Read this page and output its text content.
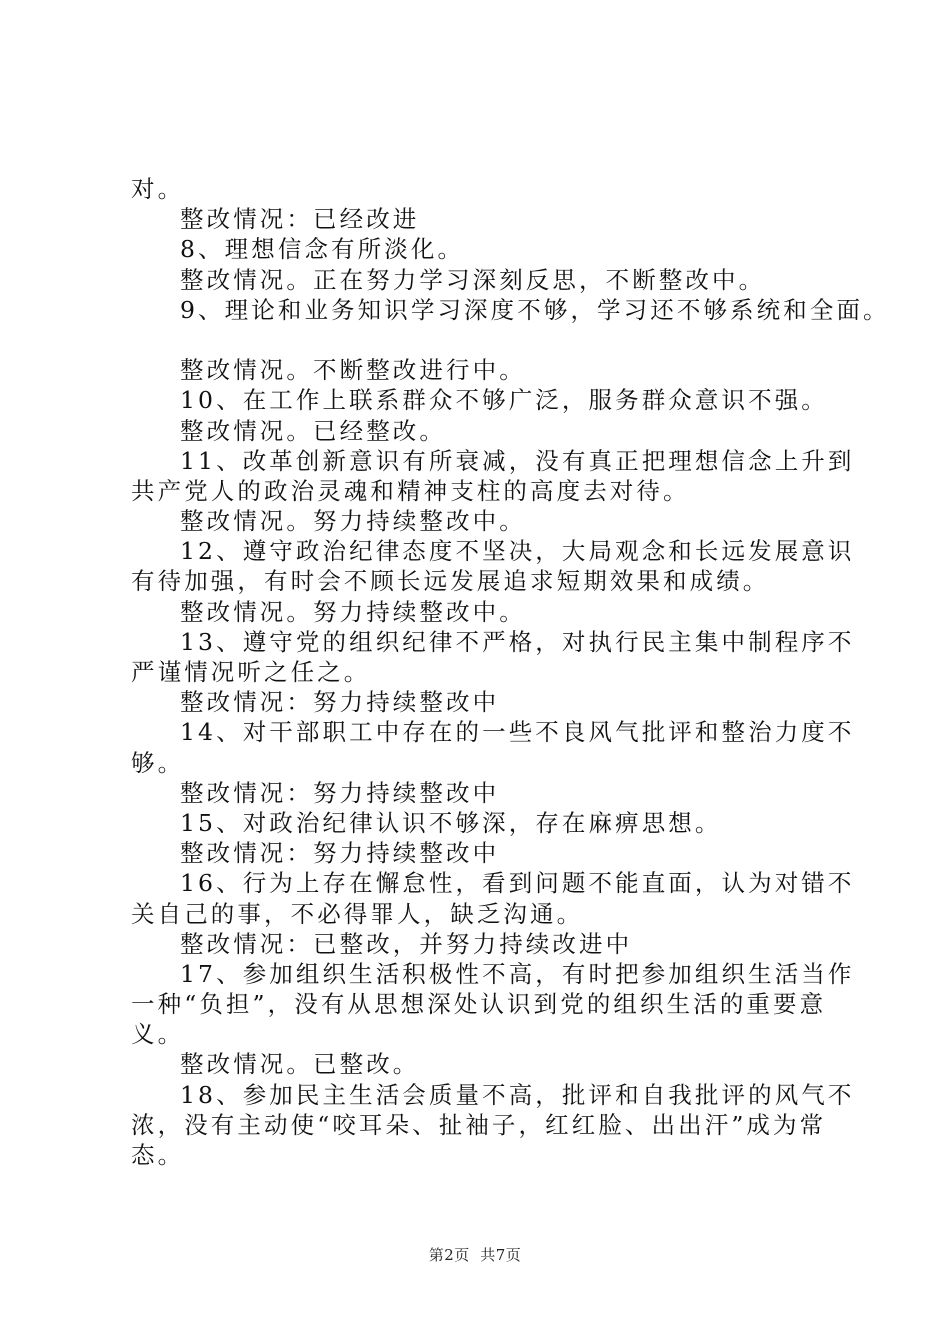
对。
整改情况：已经改进
8、理想信念有所淡化。
整改情况。正在努力学习深刻反思，不断整改中。
9、理论和业务知识学习深度不够，学习还不够系统和全面。
整改情况。不断整改进行中。
10、在工作上联系群众不够广泛，服务群众意识不强。
整改情况。已经整改。
11、改革创新意识有所衰减，没有真正把理想信念上升到
共产党人的政治灵魂和精神支柱的高度去对待。
整改情况。努力持续整改中。
12、遵守政治纪律态度不坚决，大局观念和长远发展意识
有待加强，有时会不顾长远发展追求短期效果和成绩。
整改情况。努力持续整改中。
13、遵守党的组织纪律不严格，对执行民主集中制程序不
严谨情况听之任之。
整改情况：努力持续整改中
14、对干部职工中存在的一些不良风气批评和整治力度不
够。
整改情况：努力持续整改中
15、对政治纪律认识不够深，存在麻痹思想。
整改情况：努力持续整改中
16、行为上存在懈怠性，看到问题不能直面，认为对错不
关自己的事，不必得罪人，缺乏沟通。
整改情况：已整改，并努力持续改进中
17、参加组织生活积极性不高，有时把参加组织生活当作
一种“负担”，没有从思想深处认识到党的组织生活的重要意
义。
整改情况。已整改。
18、参加民主生活会质量不高，批评和自我批评的风气不
浓，没有主动使“咬耳朵、扯袖子，红红脸、出出汗”成为常
态。
第2页  共7页
